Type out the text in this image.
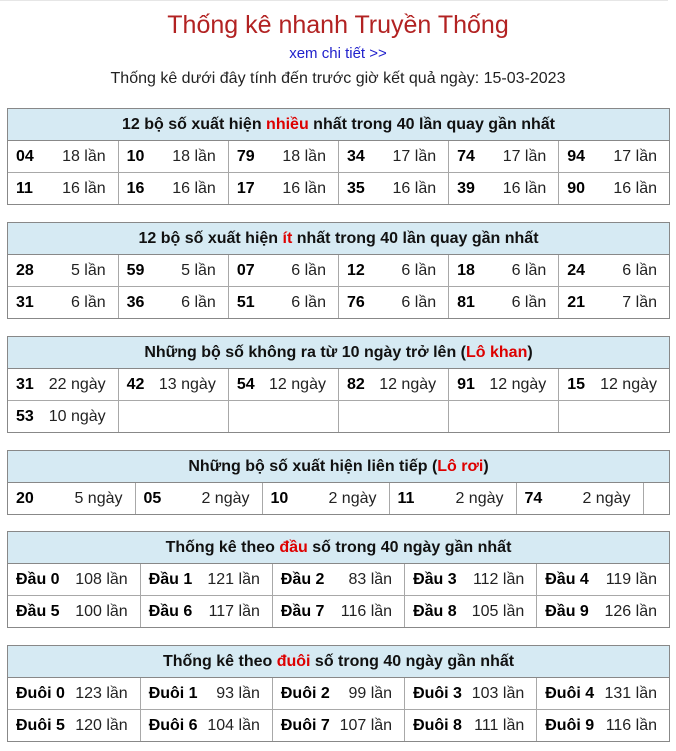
Thống kê nhanh Truyền Thống
xem chi tiết >>
Thống kê dưới đây tính đến trước giờ kết quả ngày: 15-03-2023
12 bộ số xuất hiện nhiều nhất trong 40 lần quay gần nhất
04 18 lần	10 18 lần	79 18 lần	34 17 lần	74 17 lần	94 17 lần

11 16 lần	16 16 lần	17 16 lần	35 16 lần	39 16 lần	90 16 lần
12 bộ số xuất hiện ít nhất trong 40 lần quay gần nhất
28 5 lần	59 5 lần	07 6 lần	12 6 lần	18 6 lần	24 6 lần

31 6 lần	36 6 lần	51 6 lần	76 6 lần	81 6 lần	21 7 lần
Những bộ số không ra từ 10 ngày trở lên (Lô khan)
31 22 ngày	42 13 ngày	54 12 ngày	82 12 ngày	91 12 ngày	15 12 ngày

53 10 ngày					

Những bộ số xuất hiện liên tiếp (Lô rơi)
20	5 ngày	05	2 ngày	10	2 ngày	11	2 ngày	74	2 ngày

Thống kê theo đầu số trong 40 ngày gần nhất
Đầu 0 108 lần	Đầu 1 121 lần	Đầu 2 83 lần	Đầu 3 112 lần	Đầu 4 119 lần

Đầu 5 100 lần	Đầu 6 117 lần	Đầu 7 116 lần	Đầu 8 105 lần	Đầu 9 126 lần
Thống kê theo đuôi số trong 40 ngày gần nhất
Đuôi 0 123 lần	Đuôi 1 93 lần	Đuôi 2 99 lần	Đuôi 3 103 lần	Đuôi 4 131 lần

Đuôi 5 120 lần	Đuôi 6 104 lần	Đuôi 7 107 lần	Đuôi 8 111 lần	Đuôi 9 116 lần
